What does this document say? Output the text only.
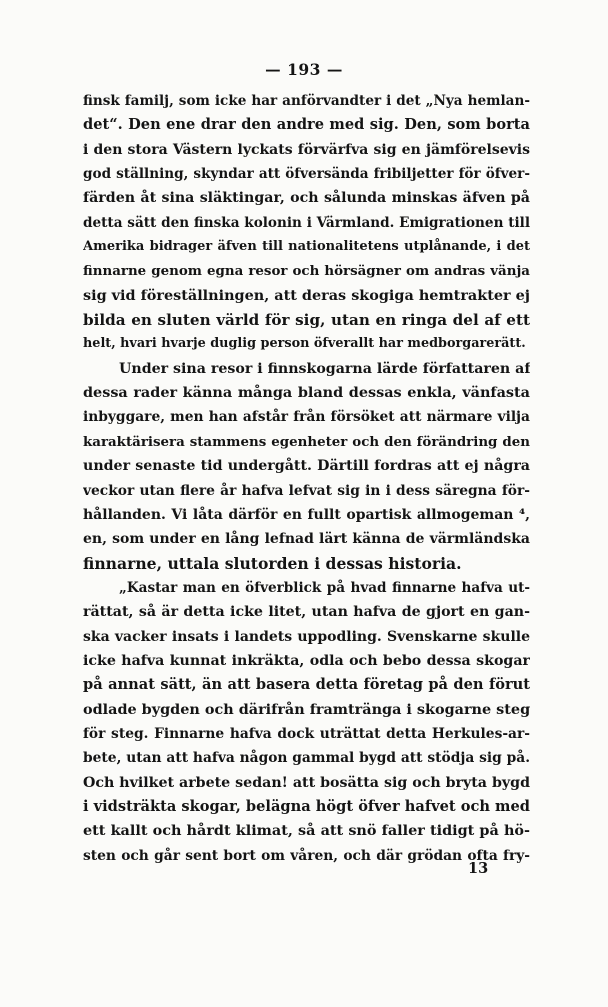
— 193 —
finsk familj, som icke har anförvandter i det „Nya hemlan-
det“. Den ene drar den andre med sig. Den, som borta
i den stora Västern lyckats förvärfva sig en jämförelsevis
god ställning, skyndar att öfversända fribiljetter för öfver-
färden åt sina släktingar, och sålunda minskas äfven på
detta sätt den finska kolonin i Värmland. Emigrationen till
Amerika bidrager äfven till nationalitetens utplånande, i det
finnarne genom egna resor och hörsägner om andras vänja
sig vid föreställningen, att deras skogiga hemtrakter ej
bilda en sluten värld för sig, utan en ringa del af ett
helt, hvari hvarje duglig person öfverallt har medborgarerätt.
Under sina resor i finnskogarna lärde författaren af
dessa rader känna många bland dessas enkla, vänfasta
inbyggare, men han afstår från försöket att närmare vilja
karaktärisera stammens egenheter och den förändring den
under senaste tid undergått. Därtill fordras att ej några
veckor utan flere år hafva lefvat sig in i dess säregna för-
hållanden. Vi låta därför en fullt opartisk allmogeman ⁴,
en, som under en lång lefnad lärt känna de värmländska
finnarne, uttala slutorden i dessas historia.
„Kastar man en öfverblick på hvad finnarne hafva ut-
rättat, så är detta icke litet, utan hafva de gjort en gan-
ska vacker insats i landets uppodling. Svenskarne skulle
icke hafva kunnat inkräkta, odla och bebo dessa skogar
på annat sätt, än att basera detta företag på den förut
odlade bygden och därifrån framtränga i skogarne steg
för steg. Finnarne hafva dock uträttat detta Herkules-ar-
bete, utan att hafva någon gammal bygd att stödja sig på.
Och hvilket arbete sedan! att bosätta sig och bryta bygd
i vidsträkta skogar, belägna högt öfver hafvet och med
ett kallt och hårdt klimat, så att snö faller tidigt på hö-
sten och går sent bort om våren, och där grödan ofta fry-
13
